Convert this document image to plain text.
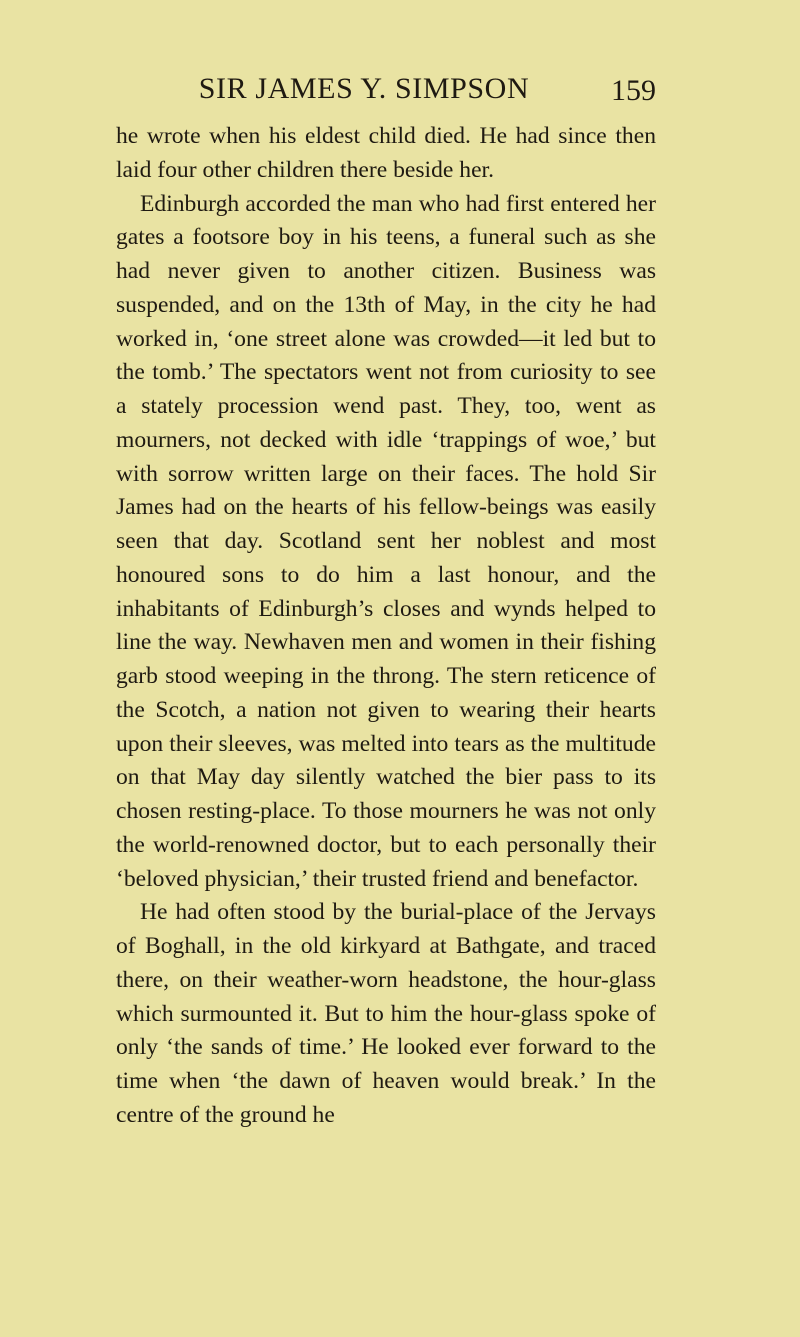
SIR JAMES Y. SIMPSON	159

he wrote when his eldest child died. He had since then laid four other children there beside her.

Edinburgh accorded the man who had first entered her gates a footsore boy in his teens, a funeral such as she had never given to another citizen. Business was suspended, and on the 13th of May, in the city he had worked in, ‘one street alone was crowded—it led but to the tomb.’ The spectators went not from curiosity to see a stately procession wend past. They, too, went as mourners, not decked with idle ‘trappings of woe,’ but with sorrow written large on their faces. The hold Sir James had on the hearts of his fellow-beings was easily seen that day. Scotland sent her noblest and most honoured sons to do him a last honour, and the inhabitants of Edinburgh’s closes and wynds helped to line the way. Newhaven men and women in their fishing garb stood weeping in the throng. The stern reticence of the Scotch, a nation not given to wearing their hearts upon their sleeves, was melted into tears as the multitude on that May day silently watched the bier pass to its chosen resting-place. To those mourners he was not only the world-renowned doctor, but to each personally their ‘beloved physician,’ their trusted friend and benefactor.

He had often stood by the burial-place of the Jervays of Boghall, in the old kirkyard at Bathgate, and traced there, on their weather-worn headstone, the hour-glass which surmounted it. But to him the hour-glass spoke of only ‘the sands of time.’ He looked ever forward to the time when ‘the dawn of heaven would break.’ In the centre of the ground he
